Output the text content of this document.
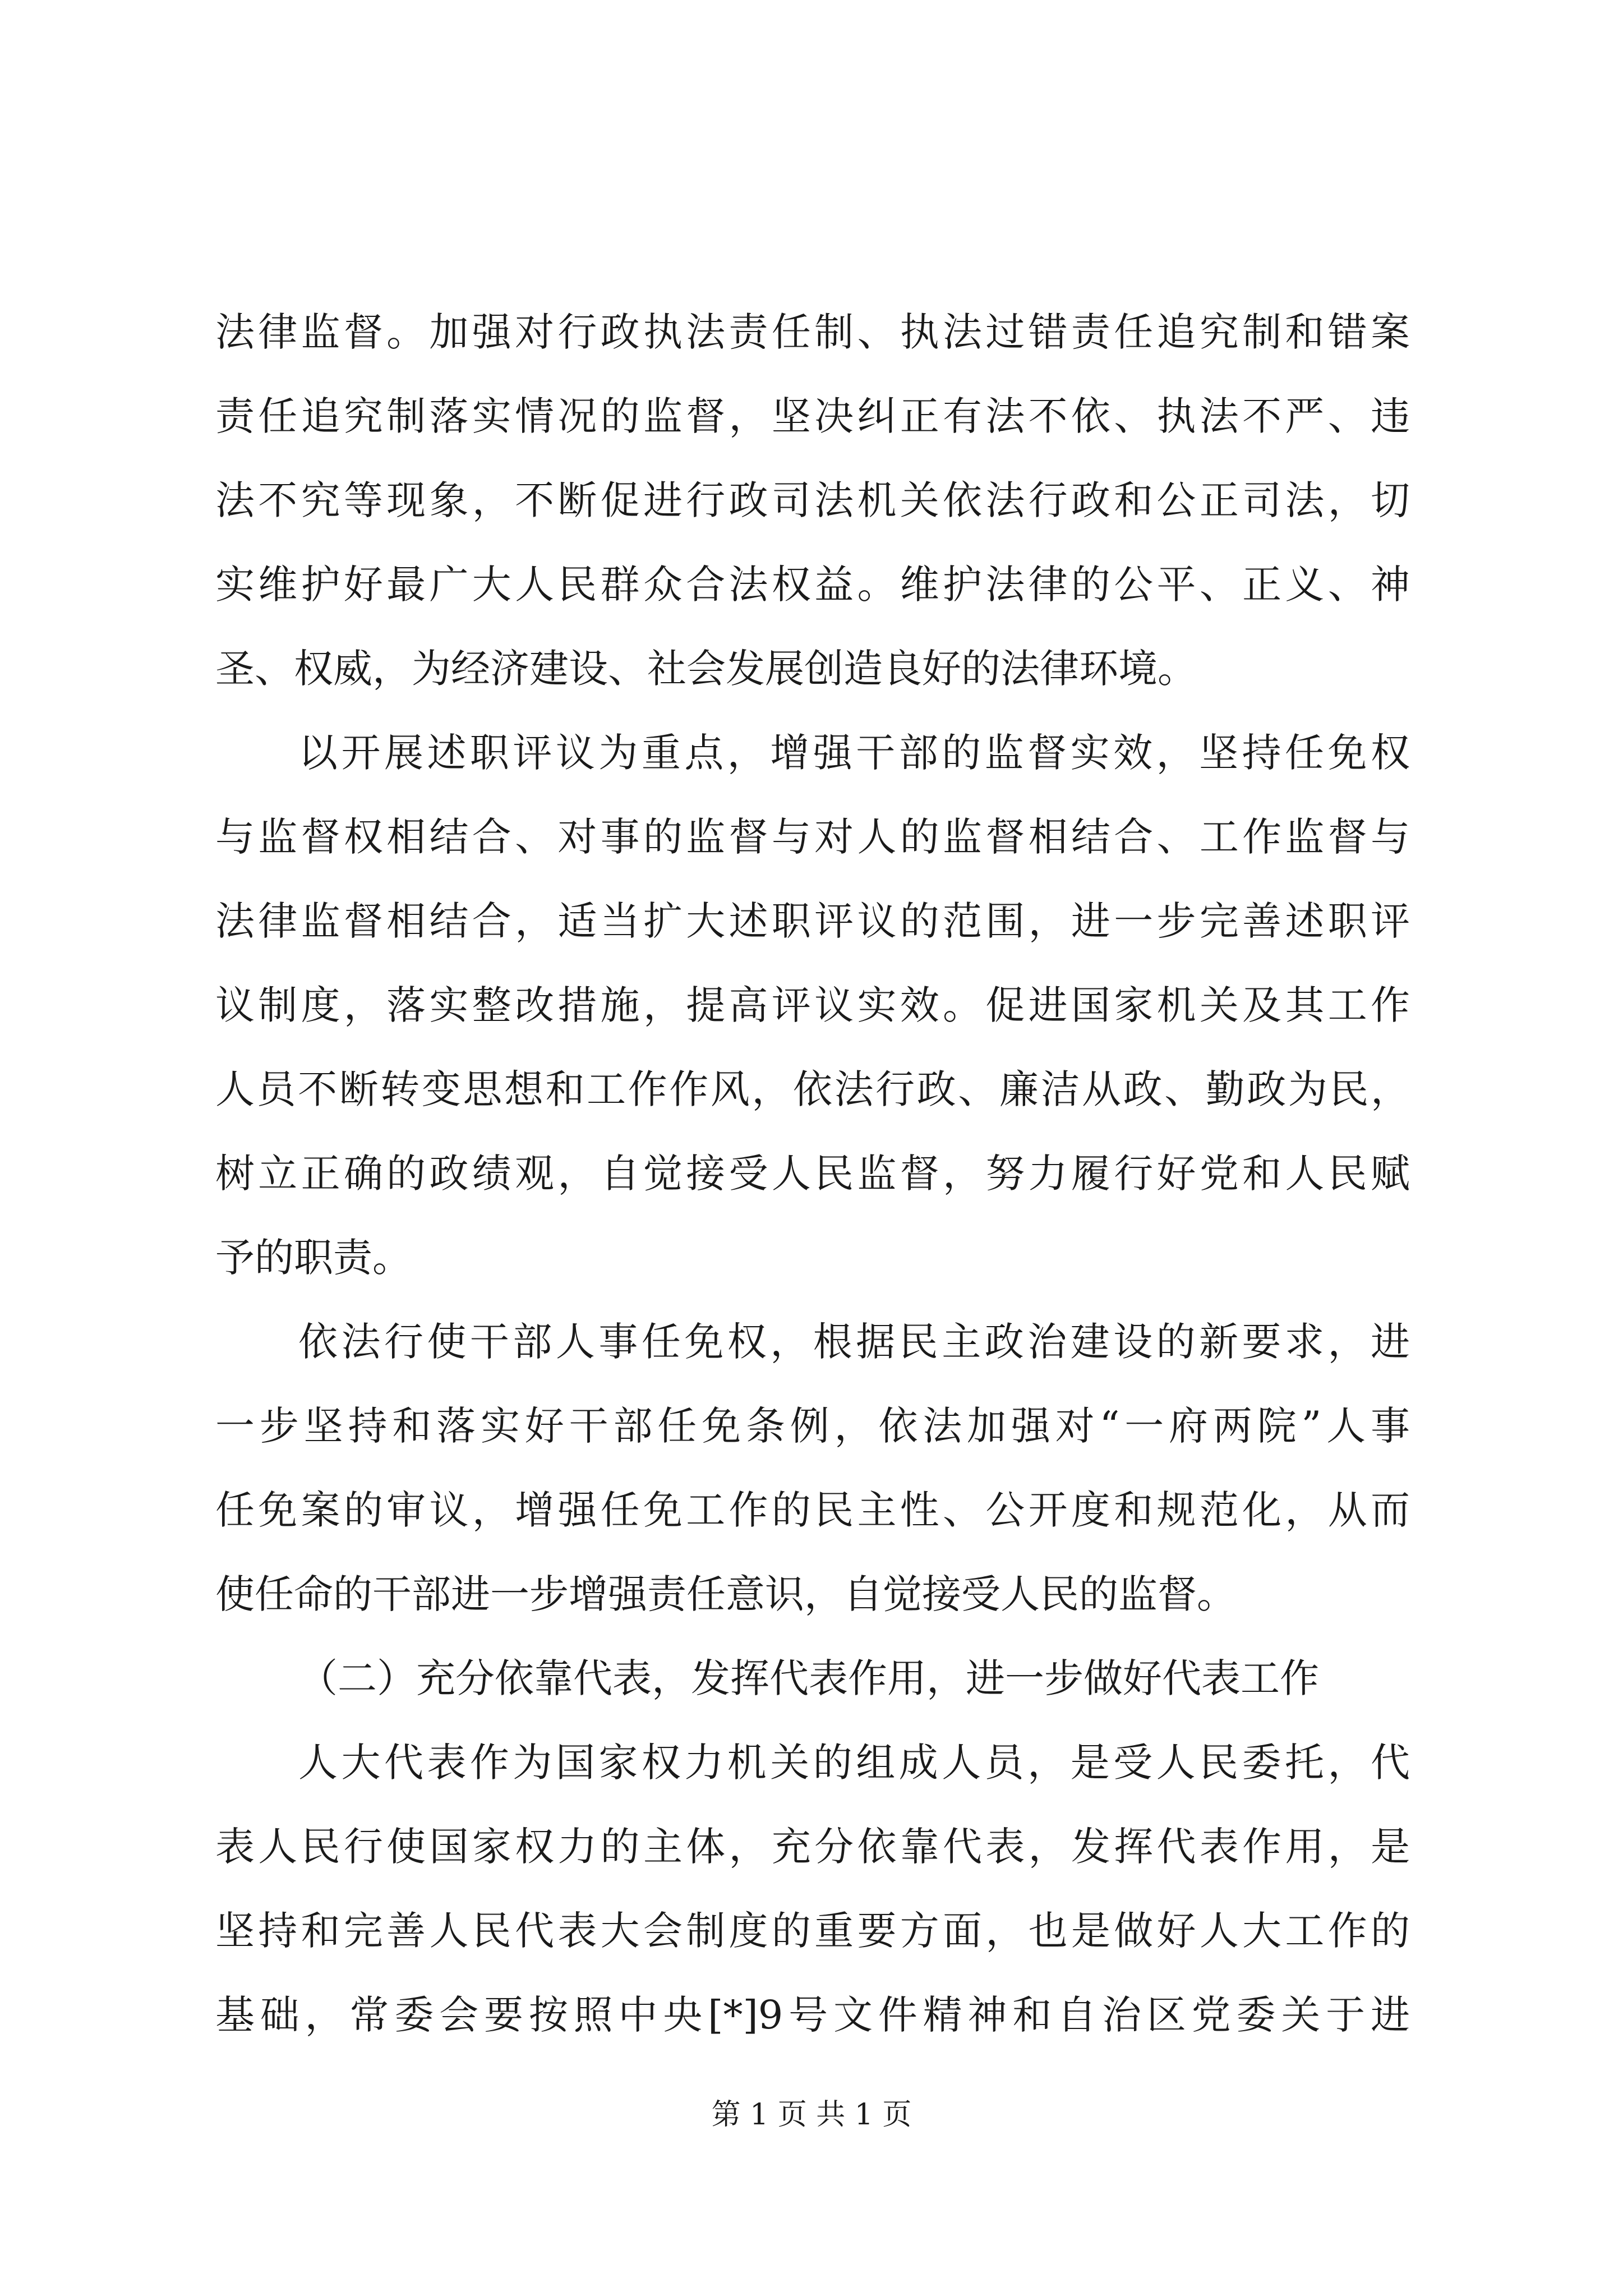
法律监督。加强对行政执法责任制、执法过错责任追究制和错案
责任追究制落实情况的监督，坚决纠正有法不依、执法不严、违
法不究等现象，不断促进行政司法机关依法行政和公正司法，切
实维护好最广大人民群众合法权益。维护法律的公平、正义、神
圣、权威，为经济建设、社会发展创造良好的法律环境。
以开展述职评议为重点，增强干部的监督实效，坚持任免权
与监督权相结合、对事的监督与对人的监督相结合、工作监督与
法律监督相结合，适当扩大述职评议的范围，进一步完善述职评
议制度，落实整改措施，提高评议实效。促进国家机关及其工作
人员不断转变思想和工作作风，依法行政、廉洁从政、勤政为民，
树立正确的政绩观，自觉接受人民监督，努力履行好党和人民赋
予的职责。
依法行使干部人事任免权，根据民主政治建设的新要求，进
一步坚持和落实好干部任免条例，依法加强对“一府两院”人事
任免案的审议，增强任免工作的民主性、公开度和规范化，从而
使任命的干部进一步增强责任意识，自觉接受人民的监督。
（二）充分依靠代表，发挥代表作用，进一步做好代表工作
人大代表作为国家权力机关的组成人员，是受人民委托，代
表人民行使国家权力的主体，充分依靠代表，发挥代表作用，是
坚持和完善人民代表大会制度的重要方面，也是做好人大工作的
基础，常委会要按照中央[*]9号文件精神和自治区党委关于进
第 1 页 共 1 页
